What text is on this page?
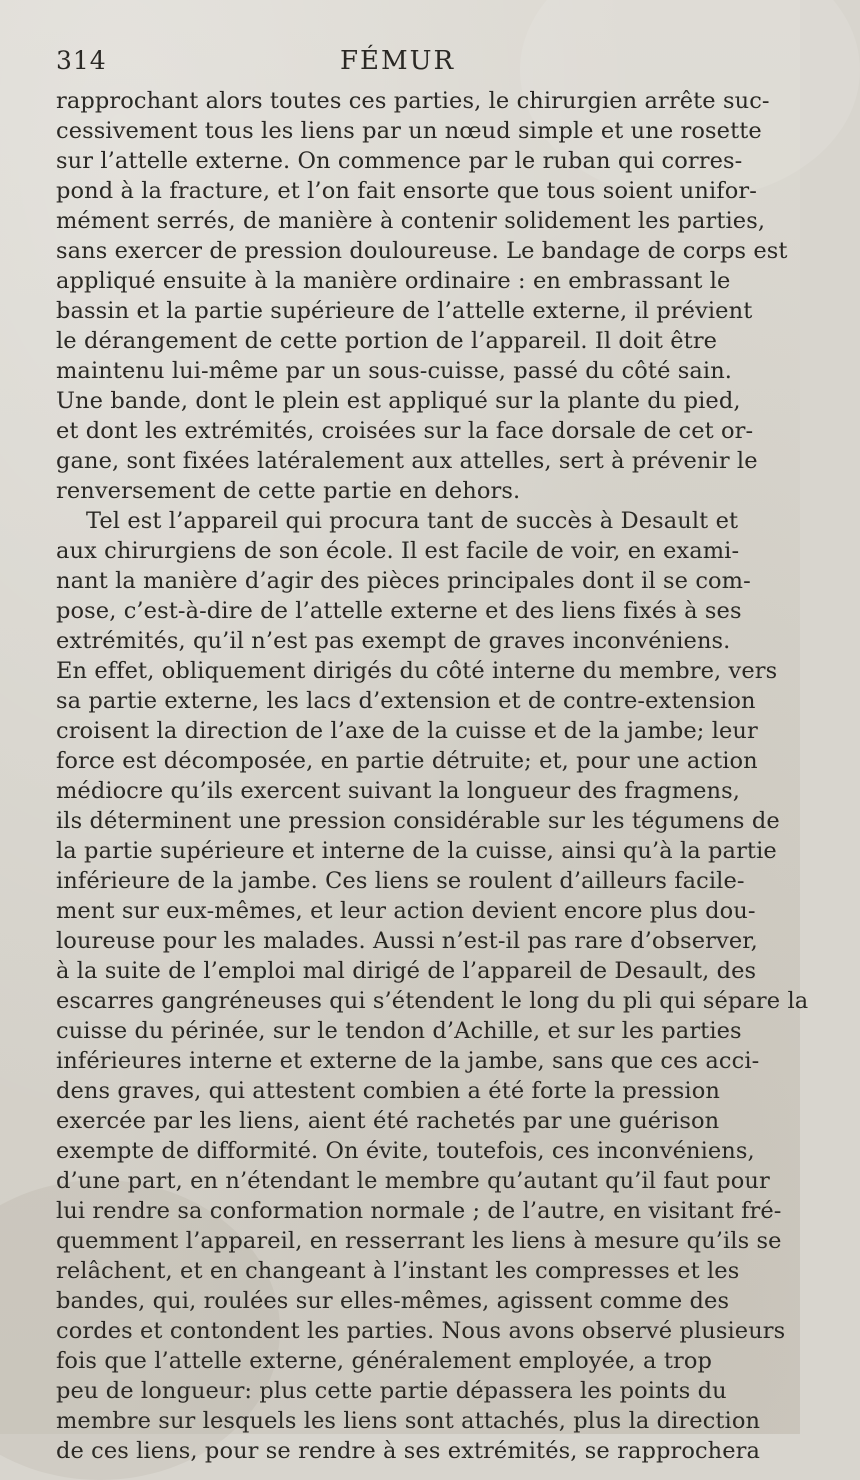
314	FÉMUR
rapprochant alors toutes ces parties, le chirurgien arrête suc-
cessivement tous les liens par un nœud simple et une rosette
sur l’attelle externe. On commence par le ruban qui corres-
pond à la fracture, et l’on fait ensorte que tous soient unifor-
mément serrés, de manière à contenir solidement les parties,
sans exercer de pression douloureuse. Le bandage de corps est
appliqué ensuite à la manière ordinaire : en embrassant le
bassin et la partie supérieure de l’attelle externe, il prévient
le dérangement de cette portion de l’appareil. Il doit être
maintenu lui-même par un sous-cuisse, passé du côté sain.
Une bande, dont le plein est appliqué sur la plante du pied,
et dont les extrémités, croisées sur la face dorsale de cet or-
gane, sont fixées latéralement aux attelles, sert à prévenir le
renversement de cette partie en dehors.
Tel est l’appareil qui procura tant de succès à Desault et
aux chirurgiens de son école. Il est facile de voir, en exami-
nant la manière d’agir des pièces principales dont il se com-
pose, c’est-à-dire de l’attelle externe et des liens fixés à ses
extrémités, qu’il n’est pas exempt de graves inconvéniens.
En effet, obliquement dirigés du côté interne du membre, vers
sa partie externe, les lacs d’extension et de contre-extension
croisent la direction de l’axe de la cuisse et de la jambe; leur
force est décomposée, en partie détruite; et, pour une action
médiocre qu’ils exercent suivant la longueur des fragmens,
ils déterminent une pression considérable sur les tégumens de
la partie supérieure et interne de la cuisse, ainsi qu’à la partie
inférieure de la jambe. Ces liens se roulent d’ailleurs facile-
ment sur eux-mêmes, et leur action devient encore plus dou-
loureuse pour les malades. Aussi n’est-il pas rare d’observer,
à la suite de l’emploi mal dirigé de l’appareil de Desault, des
escarres gangréneuses qui s’étendent le long du pli qui sépare la
cuisse du périnée, sur le tendon d’Achille, et sur les parties
inférieures interne et externe de la jambe, sans que ces acci-
dens graves, qui attestent combien a été forte la pression
exercée par les liens, aient été rachetés par une guérison
exempte de difformité. On évite, toutefois, ces inconvéniens,
d’une part, en n’étendant le membre qu’autant qu’il faut pour
lui rendre sa conformation normale ; de l’autre, en visitant fré-
quemment l’appareil, en resserrant les liens à mesure qu’ils se
relâchent, et en changeant à l’instant les compresses et les
bandes, qui, roulées sur elles-mêmes, agissent comme des
cordes et contondent les parties. Nous avons observé plusieurs
fois que l’attelle externe, généralement employée, a trop
peu de longueur: plus cette partie dépassera les points du
membre sur lesquels les liens sont attachés, plus la direction
de ces liens, pour se rendre à ses extrémités, se rapprochera
